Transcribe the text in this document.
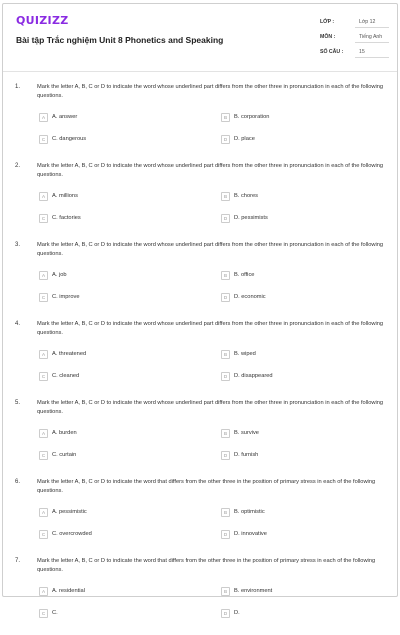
QUIZIZZ
Bài tập Trắc nghiệm Unit 8 Phonetics and Speaking
LỚP :	Lớp 12
MÔN :	Tiếng Anh
SỐ CÂU :	15
1.	Mark the letter A, B, C or D to indicate the word whose underlined part differs from the other three in pronunciation in each of the following questions.
A	A. answer	B	B. corporation
C	C. dangerous	D	D. place
2.	Mark the letter A, B, C or D to indicate the word whose underlined part differs from the other three in pronunciation in each of the following questions.
A	A. millions	B	B. chores
C	C. factories	D	D. pessimists
3.	Mark the letter A, B, C or D to indicate the word whose underlined part differs from the other three in pronunciation in each of the following questions.
A	A. job	B	B. office
C	C. improve	D	D. economic
4.	Mark the letter A, B, C or D to indicate the word whose underlined part differs from the other three in pronunciation in each of the following questions.
A	A. threatened	B	B. wiped
C	C. cleaned	D	D. disappeared
5.	Mark the letter A, B, C or D to indicate the word whose underlined part differs from the other three in pronunciation in each of the following questions.
A	A. burden	B	B. survive
C	C. curtain	D	D. furnish
6.	Mark the letter A, B, C or D to indicate the word that differs from the other three in the position of primary stress in each of the following questions.
A	A. pessimistic	B	B. optimistic
C	C. overcrowded	D	D. innovative
7.	Mark the letter A, B, C or D to indicate the word that differs from the other three in the position of primary stress in each of the following questions.
A	A. residential	B	B. environment
C	C.	D	D.
